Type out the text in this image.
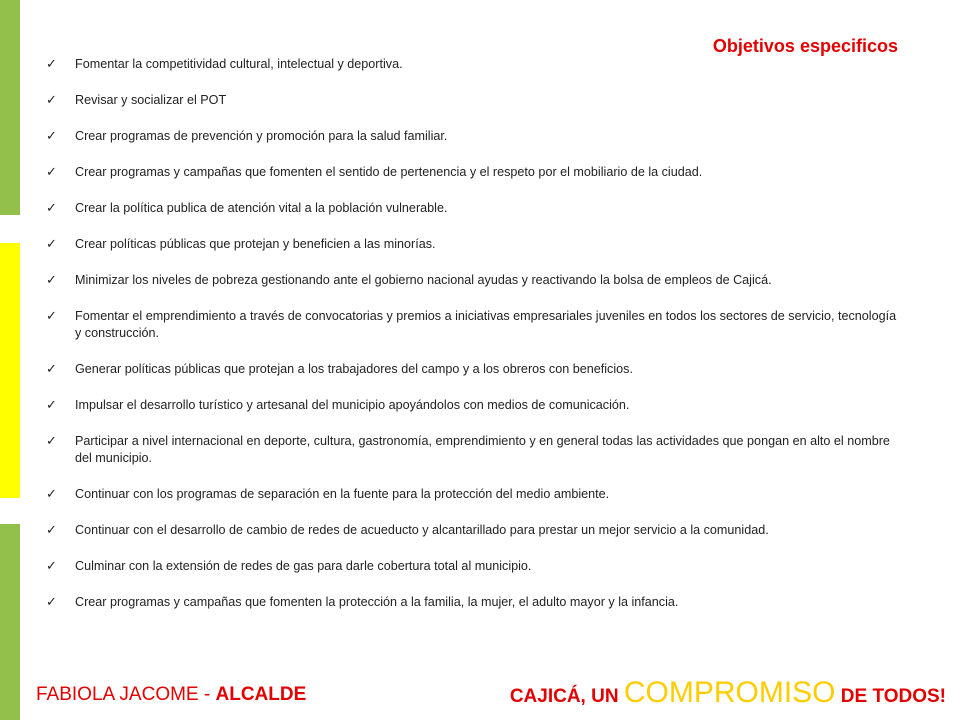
Objetivos especificos
✓ Fomentar la competitividad cultural, intelectual y deportiva.
✓ Revisar y socializar el POT
✓ Crear programas de prevención y promoción para la salud familiar.
✓ Crear programas y campañas que fomenten el sentido de pertenencia y el respeto por el mobiliario de la ciudad.
✓ Crear la política publica de atención vital a la población vulnerable.
✓ Crear políticas públicas que protejan y beneficien a las minorías.
✓ Minimizar los niveles de pobreza gestionando ante el gobierno nacional ayudas y reactivando la bolsa de empleos de Cajicá.
✓ Fomentar el emprendimiento a través de convocatorias y premios a iniciativas empresariales juveniles en todos los sectores de servicio, tecnología y construcción.
✓ Generar políticas públicas que protejan a los trabajadores del campo y a los obreros con beneficios.
✓ Impulsar el desarrollo turístico y artesanal del municipio apoyándolos con medios de comunicación.
✓ Participar a nivel internacional en deporte, cultura, gastronomía, emprendimiento y en general todas las actividades que pongan en alto el nombre del municipio.
✓ Continuar con los programas de separación en la fuente para la protección del medio ambiente.
✓ Continuar con el desarrollo de cambio de redes de acueducto y alcantarillado para prestar un mejor servicio a la comunidad.
✓ Culminar con la extensión de redes de gas para darle cobertura total al municipio.
✓ Crear programas y campañas que fomenten la protección a la familia, la mujer, el adulto mayor y la infancia.
FABIOLA JACOME - ALCALDE	CAJICÁ, UN COMPROMISO DE TODOS!
